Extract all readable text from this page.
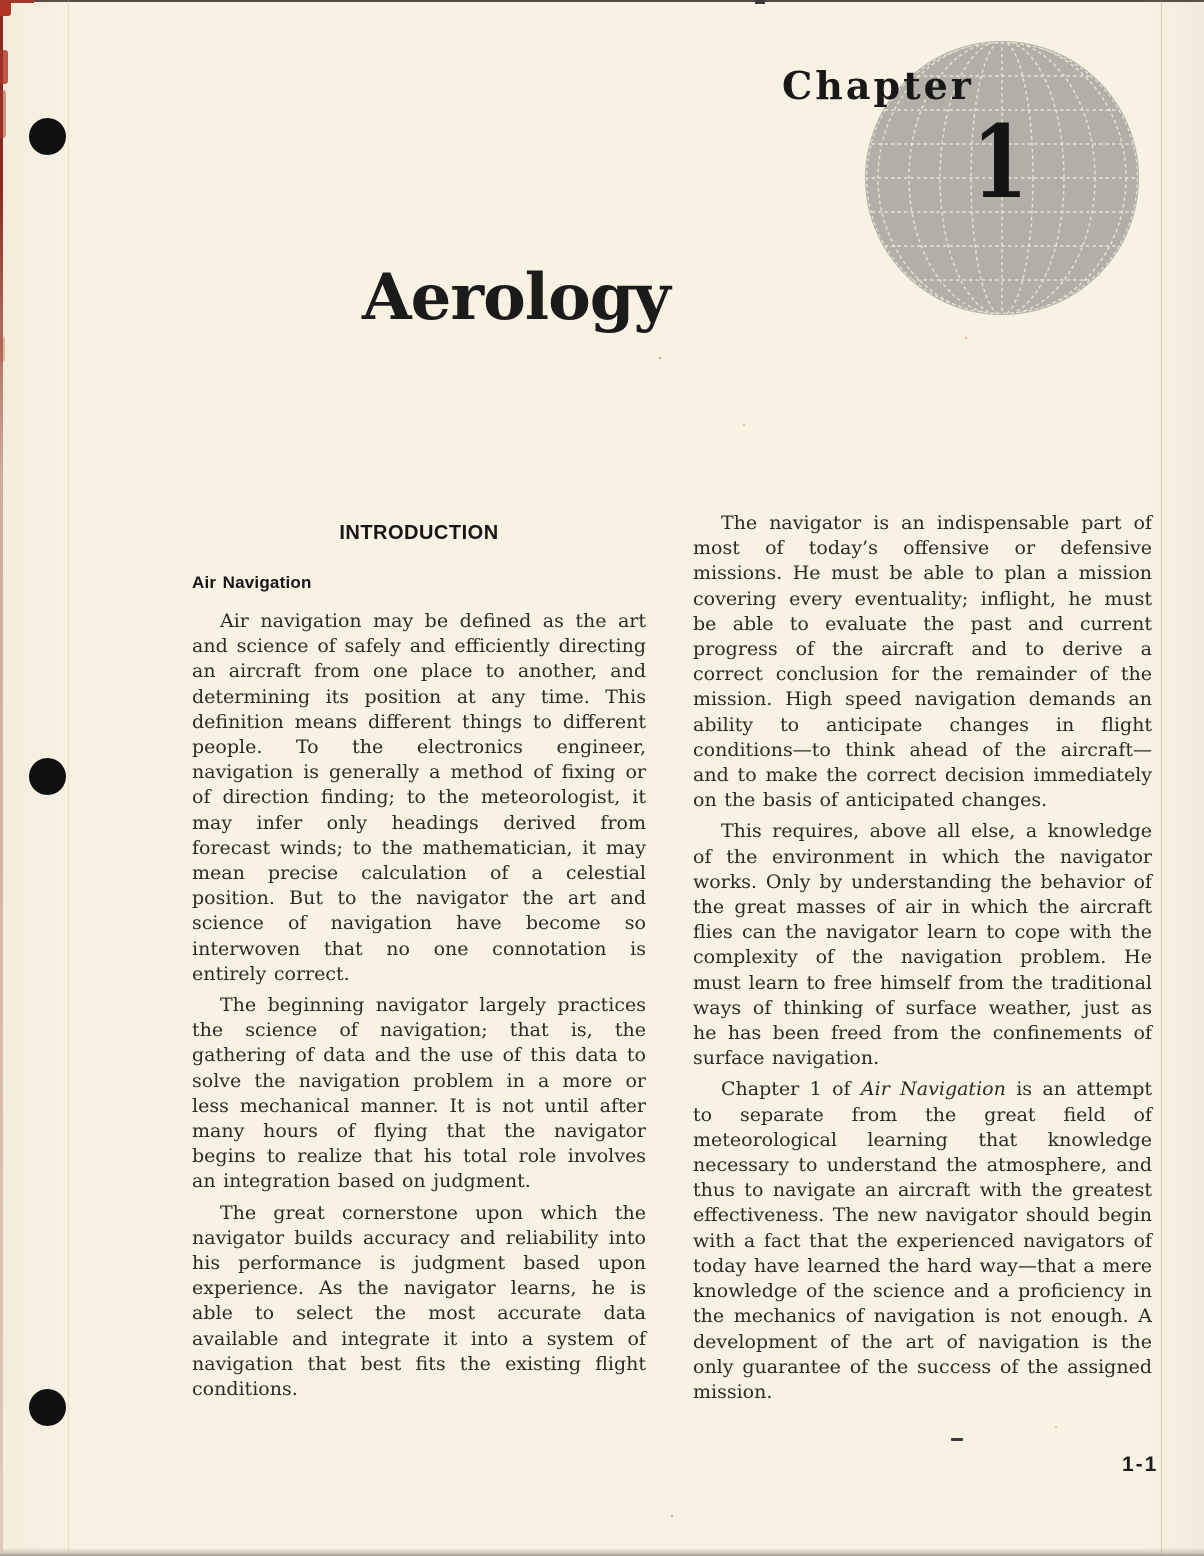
Chapter
1
Aerology
INTRODUCTION
Air Navigation

Air navigation may be defined as the art and science of safely and efficiently directing an aircraft from one place to another, and determining its position at any time. This definition means different things to different people. To the electronics engineer, navigation is generally a method of fixing or of direction finding; to the meteorologist, it may infer only headings derived from forecast winds; to the mathematician, it may mean precise calculation of a celestial position. But to the navigator the art and science of navigation have become so interwoven that no one connotation is entirely correct.

The beginning navigator largely practices the science of navigation; that is, the gathering of data and the use of this data to solve the navigation problem in a more or less mechanical manner. It is not until after many hours of flying that the navigator begins to realize that his total role involves an integration based on judgment.

The great cornerstone upon which the navigator builds accuracy and reliability into his performance is judgment based upon experience. As the navigator learns, he is able to select the most accurate data available and integrate it into a system of navigation that best fits the existing flight conditions.

The navigator is an indispensable part of most of today’s offensive or defensive missions. He must be able to plan a mission covering every eventuality; inflight, he must be able to evaluate the past and current progress of the aircraft and to derive a correct conclusion for the remainder of the mission. High speed navigation demands an ability to anticipate changes in flight conditions—to think ahead of the aircraft—and to make the correct decision immediately on the basis of anticipated changes.

This requires, above all else, a knowledge of the environment in which the navigator works. Only by understanding the behavior of the great masses of air in which the aircraft flies can the navigator learn to cope with the complexity of the navigation problem. He must learn to free himself from the traditional ways of thinking of surface weather, just as he has been freed from the confinements of surface navigation.

Chapter 1 of Air Navigation is an attempt to separate from the great field of meteorological learning that knowledge necessary to understand the atmosphere, and thus to navigate an aircraft with the greatest effectiveness. The new navigator should begin with a fact that the experienced navigators of today have learned the hard way—that a mere knowledge of the science and a proficiency in the mechanics of navigation is not enough. A development of the art of navigation is the only guarantee of the success of the assigned mission.

1-1
